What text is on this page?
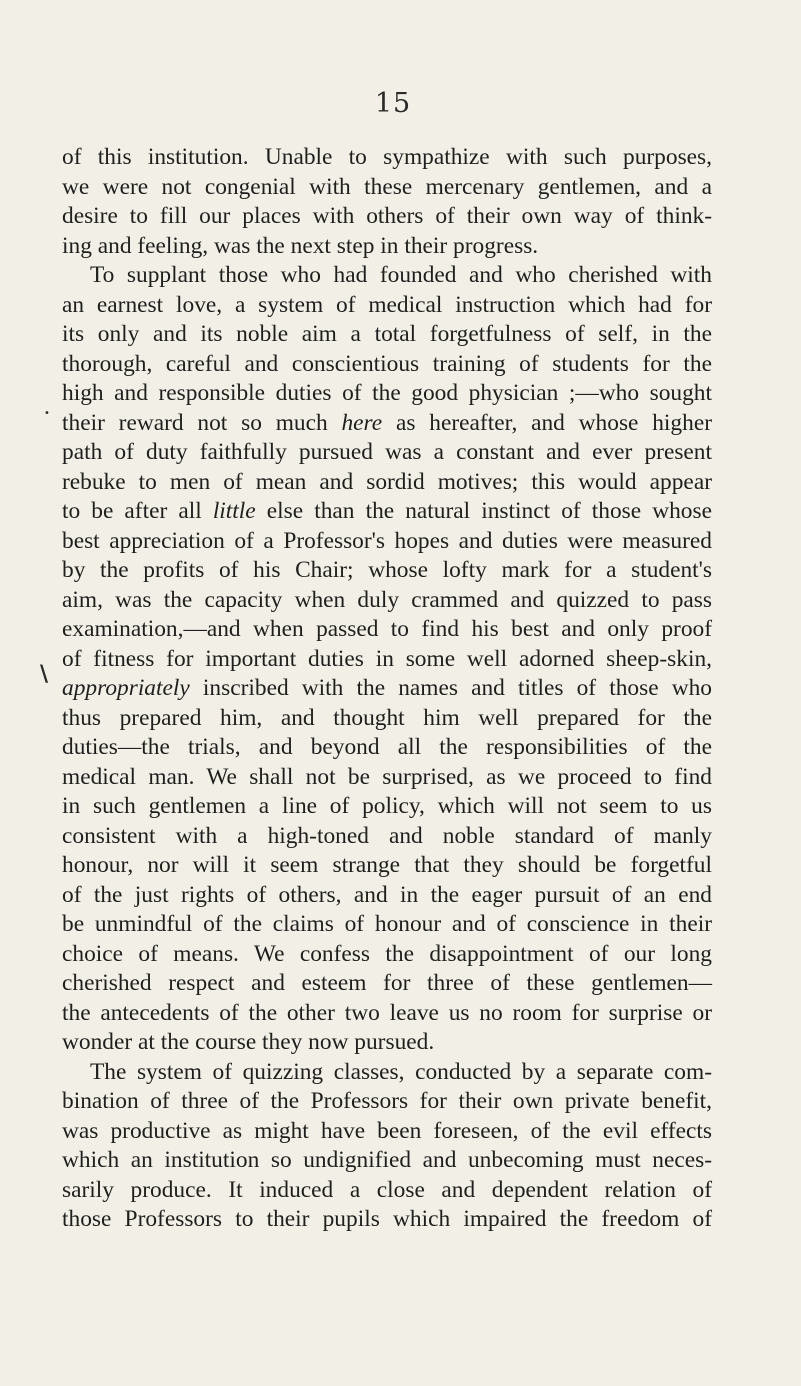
15
•
\
of this institution. Unable to sympathize with such purposes,
we were not congenial with these mercenary gentlemen, and a
desire to fill our places with others of their own way of think-
ing and feeling, was the next step in their progress.
To supplant those who had founded and who cherished with
an earnest love, a system of medical instruction which had for
its only and its noble aim a total forgetfulness of self, in the
thorough, careful and conscientious training of students for the
high and responsible duties of the good physician ;—who sought
their reward not so much here as hereafter, and whose higher
path of duty faithfully pursued was a constant and ever present
rebuke to men of mean and sordid motives; this would appear
to be after all little else than the natural instinct of those whose
best appreciation of a Professor's hopes and duties were measured
by the profits of his Chair; whose lofty mark for a student's
aim, was the capacity when duly crammed and quizzed to pass
examination,—and when passed to find his best and only proof
of fitness for important duties in some well adorned sheep-skin,
appropriately inscribed with the names and titles of those who
thus prepared him, and thought him well prepared for the
duties—the trials, and beyond all the responsibilities of the
medical man. We shall not be surprised, as we proceed to find
in such gentlemen a line of policy, which will not seem to us
consistent with a high-toned and noble standard of manly
honour, nor will it seem strange that they should be forgetful
of the just rights of others, and in the eager pursuit of an end
be unmindful of the claims of honour and of conscience in their
choice of means. We confess the disappointment of our long
cherished respect and esteem for three of these gentlemen—
the antecedents of the other two leave us no room for surprise or
wonder at the course they now pursued.
The system of quizzing classes, conducted by a separate com-
bination of three of the Professors for their own private benefit,
was productive as might have been foreseen, of the evil effects
which an institution so undignified and unbecoming must neces-
sarily produce. It induced a close and dependent relation of
those Professors to their pupils which impaired the freedom of
